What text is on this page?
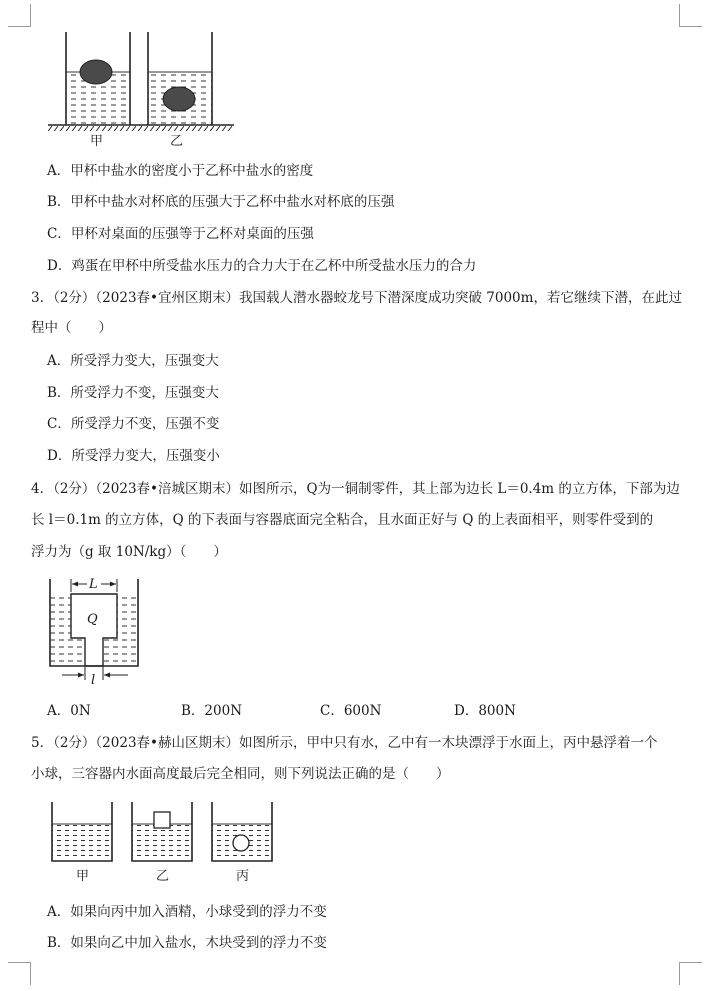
甲	乙
A．甲杯中盐水的密度小于乙杯中盐水的密度
B．甲杯中盐水对杯底的压强大于乙杯中盐水对杯底的压强
C．甲杯对桌面的压强等于乙杯对桌面的压强
D．鸡蛋在甲杯中所受盐水压力的合力大于在乙杯中所受盐水压力的合力
3．（2分）（2023春•宜州区期末）我国载人潜水器蛟龙号下潜深度成功突破 7000m，若它继续下潜，在此过
程中（　　）
A．所受浮力变大，压强变大
B．所受浮力不变，压强变大
C．所受浮力不变，压强不变
D．所受浮力变大，压强变小
4．（2分）（2023春•涪城区期末）如图所示，Q为一铜制零件，其上部为边长 L＝0.4m 的立方体，下部为边
长 l＝0.1m 的立方体，Q 的下表面与容器底面完全粘合，且水面正好与 Q 的上表面相平，则零件受到的
浮力为（g 取 10N/kg）（　　）
L
Q
l
A．0N	B．200N	C．600N	D．800N
5．（2分）（2023春•赫山区期末）如图所示，甲中只有水，乙中有一木块漂浮于水面上，丙中悬浮着一个
小球，三容器内水面高度最后完全相同，则下列说法正确的是（　　）
甲	乙	丙
A．如果向丙中加入酒精，小球受到的浮力不变
B．如果向乙中加入盐水，木块受到的浮力不变
